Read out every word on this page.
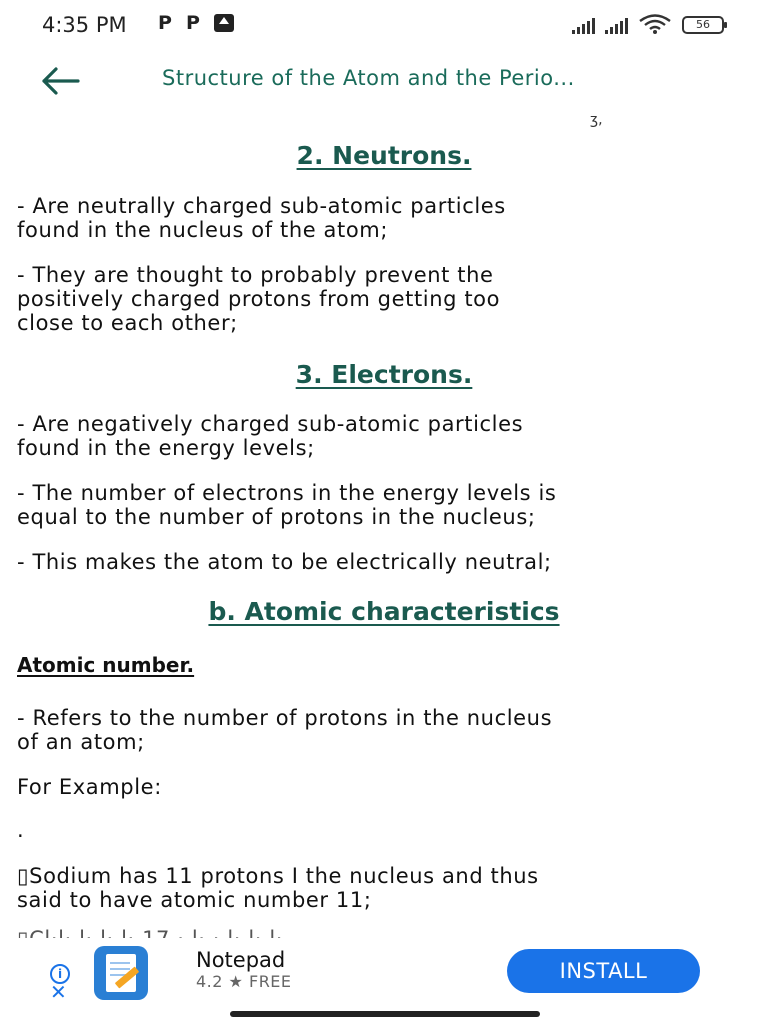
4:35 PM P P	56
Structure of the Atom and the Perio...
ʒ,
2. Neutrons.
- Are neutrally charged sub-atomic particles
found in the nucleus of the atom;
- They are thought to probably prevent the
positively charged protons from getting too
close to each other;
3. Electrons.
- Are negatively charged sub-atomic particles
found in the energy levels;
- The number of electrons in the energy levels is
equal to the number of protons in the nucleus;
- This makes the atom to be electrically neutral;
b. Atomic characteristics
Atomic number.
- Refers to the number of protons in the nucleus
of an atom;
For Example:
.
▯Sodium has 11 protons I the nucleus and thus
said to have atomic number 11;
i
✕
Notepad
4.2 ★ FREE	INSTALL
